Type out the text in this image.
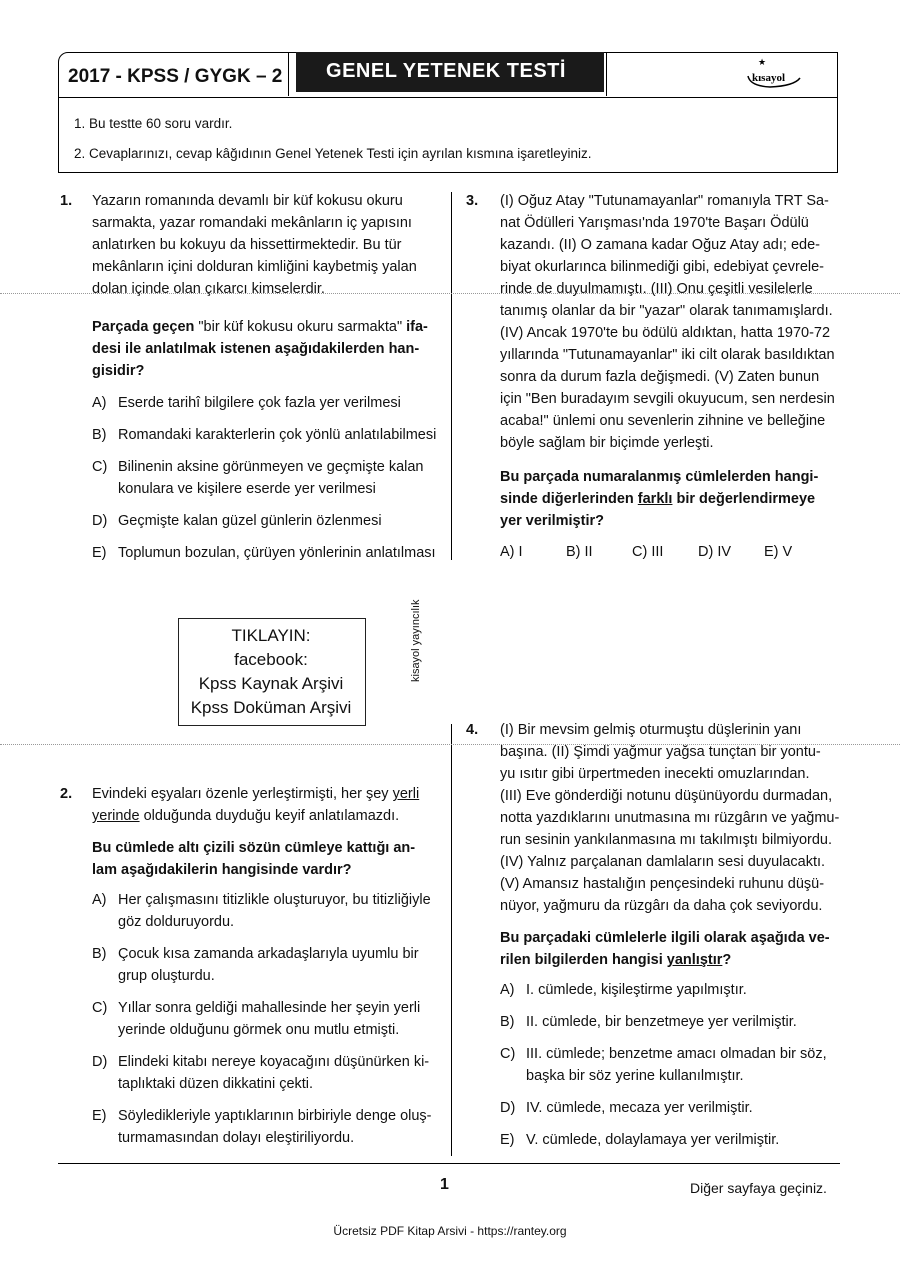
2017 - KPSS / GYGK – 2	GENEL YETENEK TESTİ	★
kısayol
1. Bu testte 60 soru vardır.
2. Cevaplarınızı, cevap kâğıdının Genel Yetenek Testi için ayrılan kısmına işaretleyiniz.
1. Yazarın romanında devamlı bir küf kokusu okuru
sarmakta, yazar romandaki mekânların iç yapısını
anlatırken bu kokuyu da hissettirmektedir. Bu tür
mekânların içini dolduran kimliğini kaybetmiş yalan
dolan içinde olan çıkarcı kimselerdir.
Parçada geçen "bir küf kokusu okuru sarmakta" ifa-
desi ile anlatılmak istenen aşağıdakilerden han-
gisidir?
A) Eserde tarihî bilgilere çok fazla yer verilmesi
B) Romandaki karakterlerin çok yönlü anlatılabilmesi
C) Bilinenin aksine görünmeyen ve geçmişte kalan
konulara ve kişilere eserde yer verilmesi
D) Geçmişte kalan güzel günlerin özlenmesi
E) Toplumun bozulan, çürüyen yönlerinin anlatılması
TIKLAYIN:
facebook:
Kpss Kaynak Arşivi
Kpss Doküman Arşivi
kisayol yayıncılık
2. Evindeki eşyaları özenle yerleştirmişti, her şey yerli
yerinde olduğunda duyduğu keyif anlatılamazdı.
Bu cümlede altı çizili sözün cümleye kattığı an-
lam aşağıdakilerin hangisinde vardır?
A) Her çalışmasını titizlikle oluşturuyor, bu titizliğiyle
göz dolduruyordu.
B) Çocuk kısa zamanda arkadaşlarıyla uyumlu bir
grup oluşturdu.
C) Yıllar sonra geldiği mahallesinde her şeyin yerli
yerinde olduğunu görmek onu mutlu etmişti.
D) Elindeki kitabı nereye koyacağını düşünürken ki-
taplıktaki düzen dikkatini çekti.
E) Söyledikleriyle yaptıklarının birbiriyle denge oluş-
turmamasından dolayı eleştiriliyordu.
3. (I) Oğuz Atay "Tutunamayanlar" romanıyla TRT Sa-
nat Ödülleri Yarışması'nda 1970'te Başarı Ödülü
kazandı. (II) O zamana kadar Oğuz Atay adı; ede-
biyat okurlarınca bilinmediği gibi, edebiyat çevrele-
rinde de duyulmamıştı. (III) Onu çeşitli vesilelerle
tanımış olanlar da bir "yazar" olarak tanımamışlardı.
(IV) Ancak 1970'te bu ödülü aldıktan, hatta 1970-72
yıllarında "Tutunamayanlar" iki cilt olarak basıldıktan
sonra da durum fazla değişmedi. (V) Zaten bunun
için "Ben buradayım sevgili okuyucum, sen nerdesin
acaba!" ünlemi onu sevenlerin zihnine ve belleğine
böyle sağlam bir biçimde yerleşti.
Bu parçada numaralanmış cümlelerden hangi-
sinde diğerlerinden farklı bir değerlendirmeye
yer verilmiştir?
A) I	B) II	C) III	D) IV	E) V
4. (I) Bir mevsim gelmiş oturmuştu düşlerinin yanı
başına. (II) Şimdi yağmur yağsa tunçtan bir yontu-
yu ısıtır gibi ürpertmeden inecekti omuzlarından.
(III) Eve gönderdiği notunu düşünüyordu durmadan,
notta yazdıklarını unutmasına mı rüzgârın ve yağmu-
run sesinin yankılanmasına mı takılmıştı bilmiyordu.
(IV) Yalnız parçalanan damlaların sesi duyulacaktı.
(V) Amansız hastalığın pençesindeki ruhunu düşü-
nüyor, yağmuru da rüzgârı da daha çok seviyordu.
Bu parçadaki cümlelerle ilgili olarak aşağıda ve-
rilen bilgilerden hangisi yanlıştır?
A) I. cümlede, kişileştirme yapılmıştır.
B) II. cümlede, bir benzetmeye yer verilmiştir.
C) III. cümlede; benzetme amacı olmadan bir söz,
başka bir söz yerine kullanılmıştır.
D) IV. cümlede, mecaza yer verilmiştir.
E) V. cümlede, dolaylamaya yer verilmiştir.
1	Diğer sayfaya geçiniz.
Ücretsiz PDF Kitap Arsivi - https://rantey.org
